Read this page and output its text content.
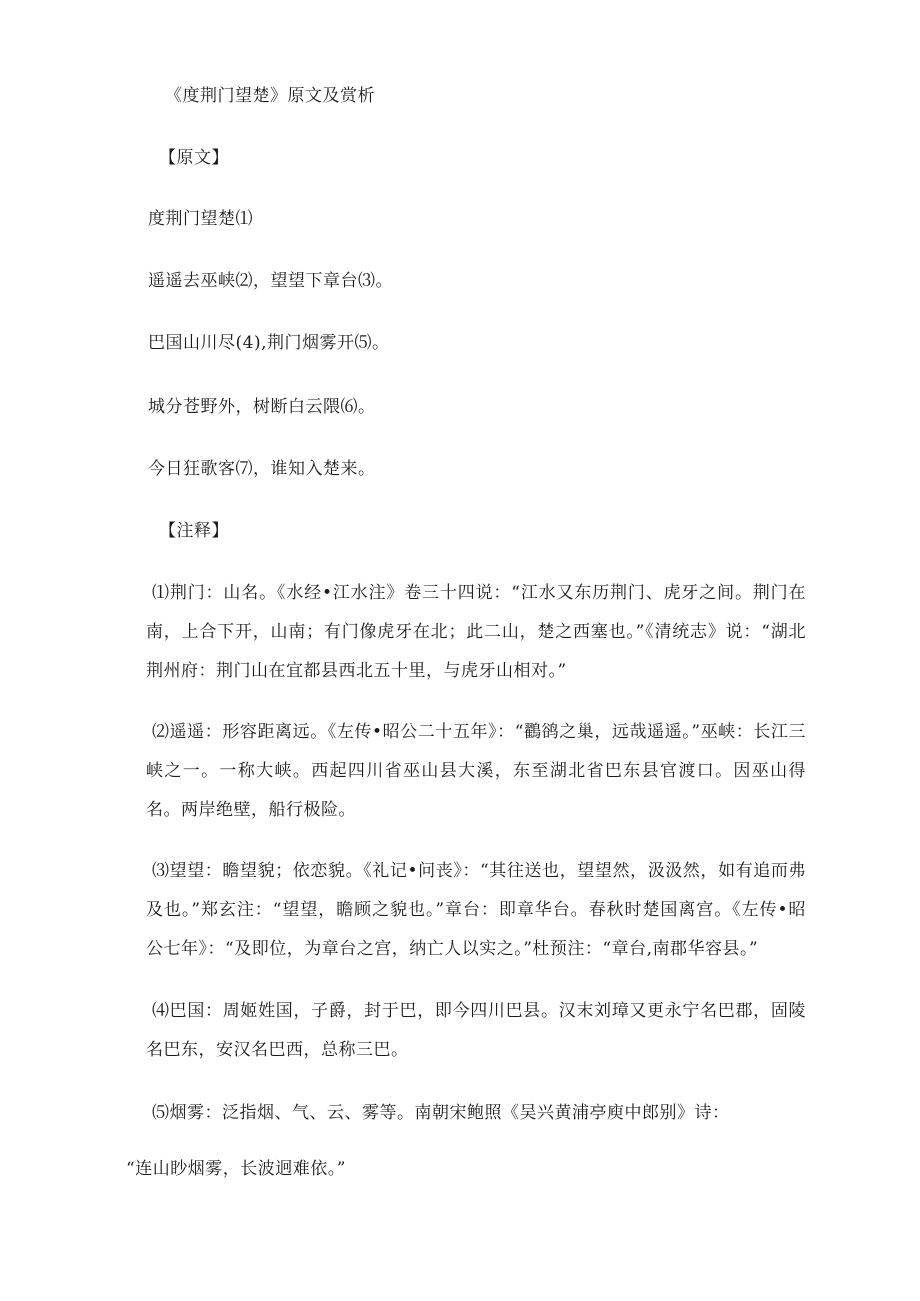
《度荆门望楚》原文及赏析
【原文】
度荆门望楚⑴
遥遥去巫峡⑵，望望下章台⑶。
巴国山川尽(4),荆门烟雾开⑸。
城分苍野外，树断白云隈⑹。
今日狂歌客⑺，谁知入楚来。
【注释】
⑴荆门：山名。《水经•江水注》卷三十四说：“江水又东历荆门、虎牙之间。荆门在南，上合下开，山南；有门像虎牙在北；此二山，楚之西塞也。”《清统志》说：“湖北荆州府：荆门山在宜都县西北五十里，与虎牙山相对。”
⑵遥遥：形容距离远。《左传•昭公二十五年》：“鸐鹆之巢，远哉遥遥。”巫峡：长江三峡之一。一称大峡。西起四川省巫山县大溪，东至湖北省巴东县官渡口。因巫山得名。两岸绝壁，船行极险。
⑶望望：瞻望貌；依恋貌。《礼记•问丧》：“其往送也，望望然，汲汲然，如有追而弗及也。”郑玄注：“望望，瞻顾之貌也。”章台：即章华台。春秋时楚国离宫。《左传•昭公七年》：“及即位，为章台之宫，纳亡人以实之。”杜预注：“章台,南郡华容县。”
⑷巴国：周姬姓国，子爵，封于巴，即今四川巴县。汉末刘璋又更永宁名巴郡，固陵名巴东，安汉名巴西，总称三巴。
⑸烟雾：泛指烟、气、云、雾等。南朝宋鲍照《吴兴黄浦亭庾中郎别》诗：
“连山眇烟雾，长波迥难依。”
